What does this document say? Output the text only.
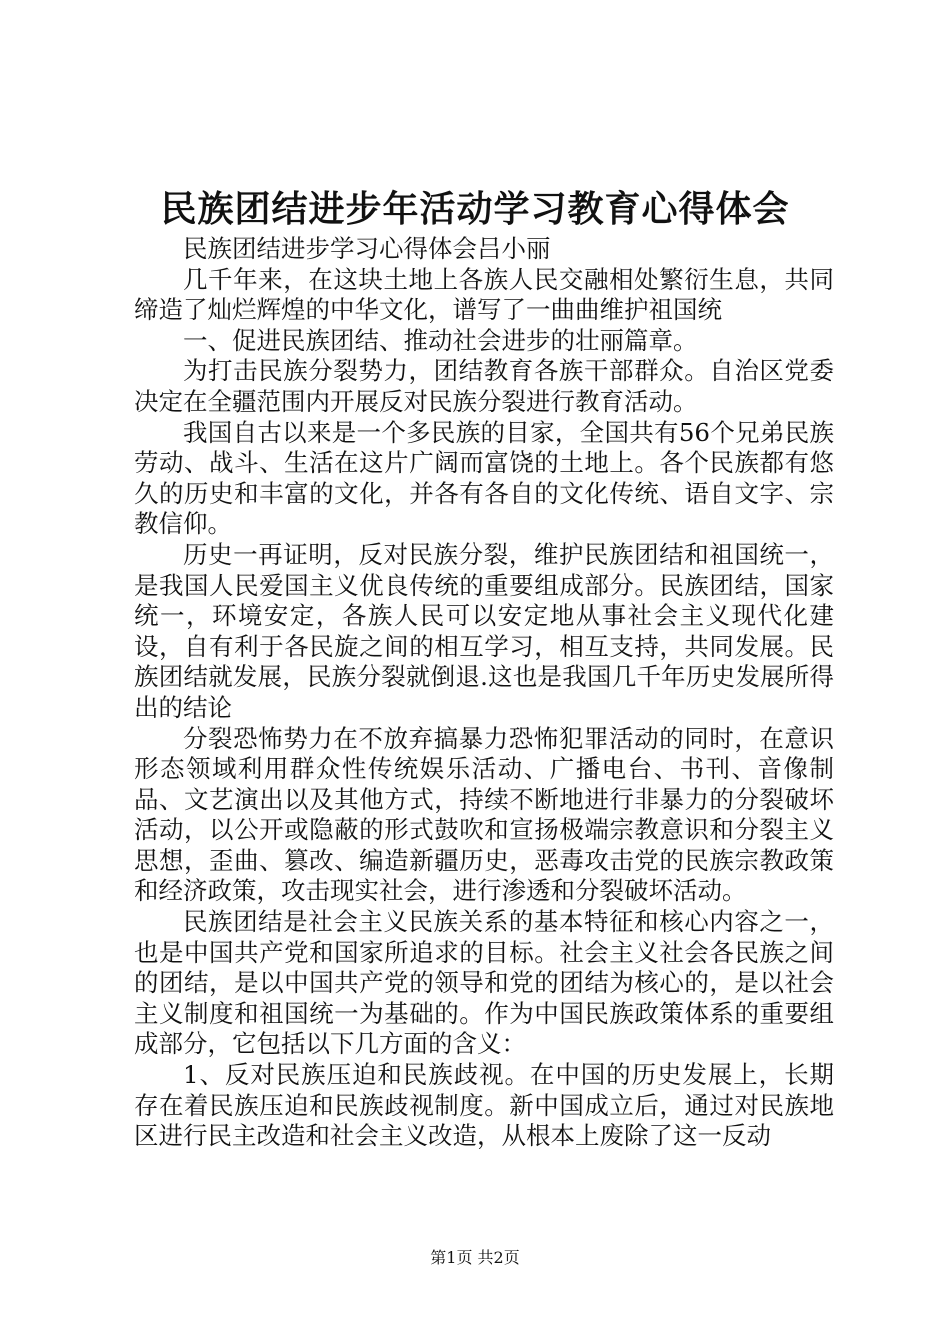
民族团结进步年活动学习教育心得体会

民族团结进步学习心得体会吕小丽

几千年来，在这块土地上各族人民交融相处繁衍生息，共同缔造了灿烂辉煌的中华文化，谱写了一曲曲维护祖国统

一、促进民族团结、推动社会进步的壮丽篇章。

为打击民族分裂势力，团结教育各族干部群众。自治区党委决定在全疆范围内开展反对民族分裂进行教育活动。

我国自古以来是一个多民族的目家，全国共有56个兄弟民族劳动、战斗、生活在这片广阔而富饶的土地上。各个民族都有悠久的历史和丰富的文化，并各有各自的文化传统、语自文字、宗教信仰。

历史一再证明，反对民族分裂，维护民族团结和祖国统一，是我国人民爱国主义优良传统的重要组成部分。民族团结，国家统一，环境安定，各族人民可以安定地从事社会主义现代化建设，自有利于各民旋之间的相互学习，相互支持，共同发展。民族团结就发展，民族分裂就倒退.这也是我国几千年历史发展所得出的结论

分裂恐怖势力在不放弃搞暴力恐怖犯罪活动的同时，在意识形态领域利用群众性传统娱乐活动、广播电台、书刊、音像制品、文艺演出以及其他方式，持续不断地进行非暴力的分裂破坏活动，以公开或隐蔽的形式鼓吹和宣扬极端宗教意识和分裂主义思想，歪曲、篡改、编造新疆历史，恶毒攻击党的民族宗教政策和经济政策，攻击现实社会，进行渗透和分裂破坏活动。

民族团结是社会主义民族关系的基本特征和核心内容之一，也是中国共产党和国家所追求的目标。社会主义社会各民族之间的团结，是以中国共产党的领导和党的团结为核心的，是以社会主义制度和祖国统一为基础的。作为中国民族政策体系的重要组成部分，它包括以下几方面的含义：

1、反对民族压迫和民族歧视。在中国的历史发展上，长期存在着民族压迫和民族歧视制度。新中国成立后，通过对民族地区进行民主改造和社会主义改造，从根本上废除了这一反动

第1页 共2页
